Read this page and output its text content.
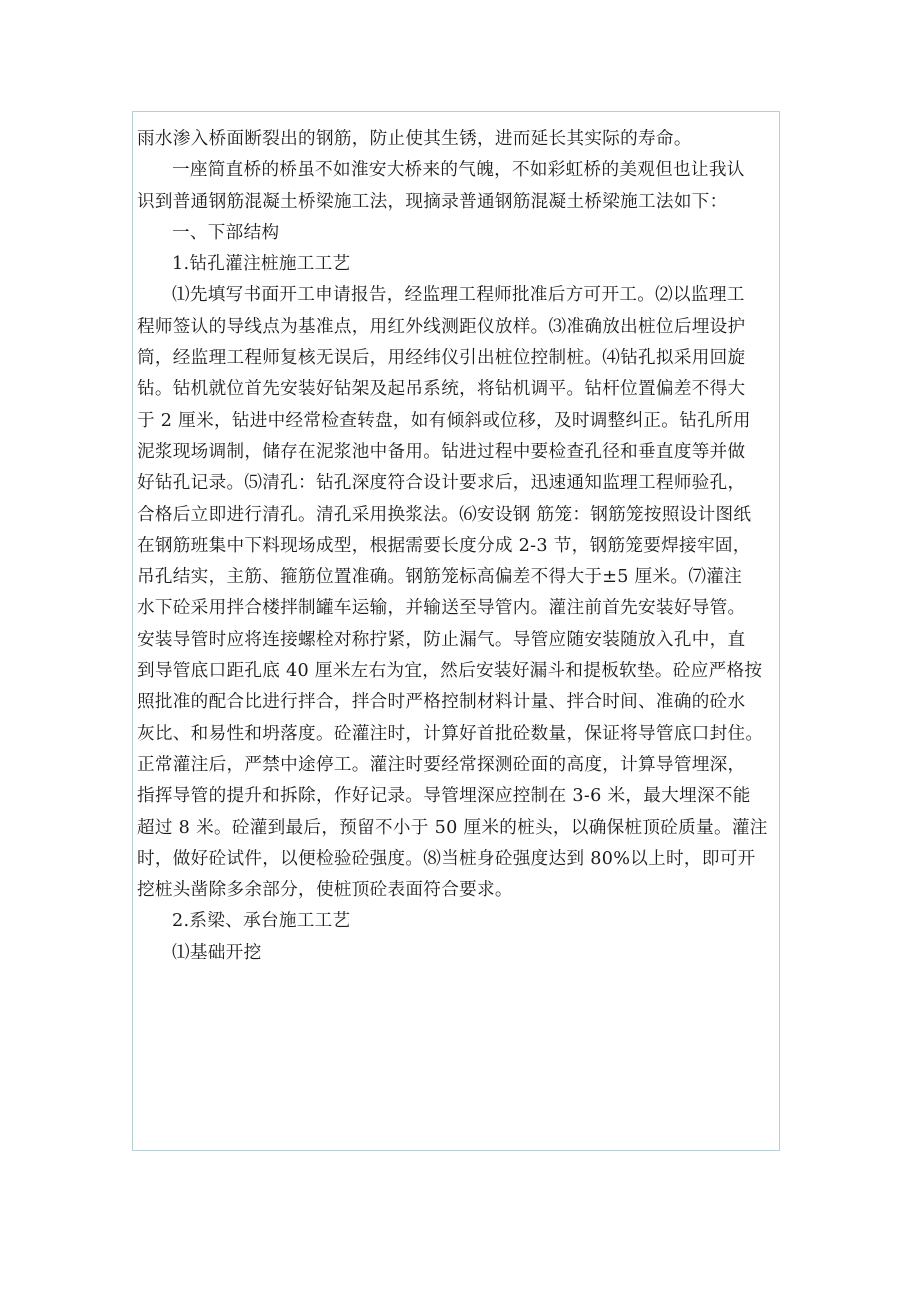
雨水渗入桥面断裂出的钢筋，防止使其生锈，进而延长其实际的寿命。
一座简直桥的桥虽不如淮安大桥来的气魄，不如彩虹桥的美观但也让我认
识到普通钢筋混凝土桥梁施工法，现摘录普通钢筋混凝土桥梁施工法如下：
一、下部结构
1.钻孔灌注桩施工工艺
⑴先填写书面开工申请报告，经监理工程师批准后方可开工。⑵以监理工
程师签认的导线点为基准点，用红外线测距仪放样。⑶准确放出桩位后埋设护
筒，经监理工程师复核无误后，用经纬仪引出桩位控制桩。⑷钻孔拟采用回旋
钻。钻机就位首先安装好钻架及起吊系统，将钻机调平。钻杆位置偏差不得大
于 2 厘米，钻进中经常检查转盘，如有倾斜或位移，及时调整纠正。钻孔所用
泥浆现场调制，储存在泥浆池中备用。钻进过程中要检查孔径和垂直度等并做
好钻孔记录。⑸清孔：钻孔深度符合设计要求后，迅速通知监理工程师验孔，
合格后立即进行清孔。清孔采用换浆法。⑹安设钢 筋笼：钢筋笼按照设计图纸
在钢筋班集中下料现场成型，根据需要长度分成 2-3 节，钢筋笼要焊接牢固，
吊孔结实，主筋、箍筋位置准确。钢筋笼标高偏差不得大于±5 厘米。⑺灌注
水下砼采用拌合楼拌制罐车运输，并输送至导管内。灌注前首先安装好导管。
安装导管时应将连接螺栓对称拧紧，防止漏气。导管应随安装随放入孔中，直
到导管底口距孔底 40 厘米左右为宜，然后安装好漏斗和提板软垫。砼应严格按
照批准的配合比进行拌合，拌合时严格控制材料计量、拌合时间、准确的砼水
灰比、和易性和坍落度。砼灌注时，计算好首批砼数量，保证将导管底口封住。
正常灌注后，严禁中途停工。灌注时要经常探测砼面的高度，计算导管埋深，
指挥导管的提升和拆除，作好记录。导管埋深应控制在 3-6 米，最大埋深不能
超过 8 米。砼灌到最后，预留不小于 50 厘米的桩头，以确保桩顶砼质量。灌注
时，做好砼试件，以便检验砼强度。⑻当桩身砼强度达到 80%以上时，即可开
挖桩头凿除多余部分，使桩顶砼表面符合要求。
2.系梁、承台施工工艺
⑴基础开挖
